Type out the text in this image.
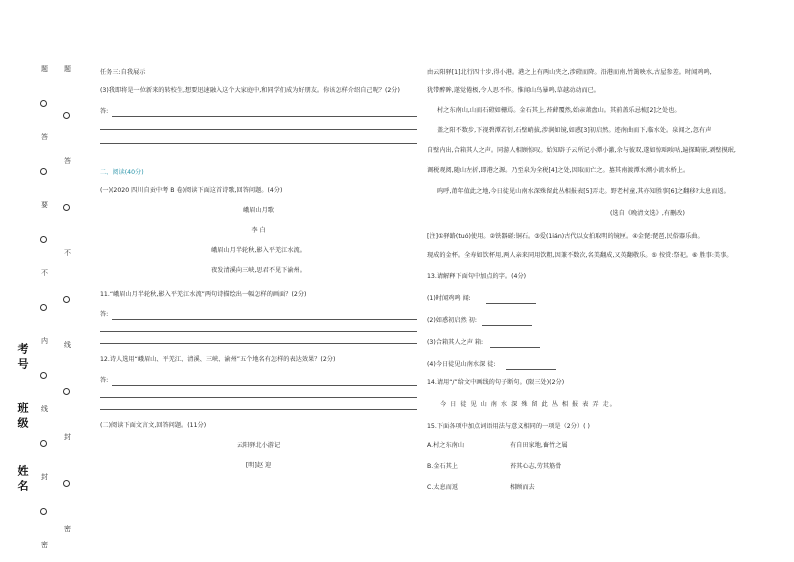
题
答
要
不
内
线
封
密
题
答
不
线
封
密
考号
班级
姓名
任务三:自我展示
(3)我即将是一位新来的转校生,想要迅速融入这个大家庭中,和同学们成为好朋友。你该怎样介绍自己呢？(2分)
答:
二、阅读(40分)
(一)(2020 四川自贡中考 B 卷)阅读下面这首诗歌,回答问题。(4分)
峨眉山月歌
李 白
峨眉山月半轮秋,影入平羌江水流。
夜发清溪向三峡,思君不见下渝州。
11.“峨眉山月半轮秋,影入平羌江水流”两句诗描绘出一幅怎样的画面？(2分)
答:
12.诗人选用“峨眉山、平羌江、清溪、三峡、渝州”五个地名有怎样的表达效果？(2分)
答:
(二)阅读下面文言文,回答问题。(11分)
云阳驿北小游记
[明]赵 迎
由云阳驿[1]北行四十步,得小港。港之上有两山夹之,涉磴而降。沿港而南,竹篱映水,古屋参差。时闻鸡鸣,
犹带醉眸,遂觉倦极,令人思不作。惟闻山鸟暴鸣,草越动动而已。
村之东南山,山而石磴如栅焉。金石其上,苔藓覆然,始亲萧盘山。其前盖乐忌梳[2]之处也。
盖之阳不数步,下视碧潭若衍,石壁峭拔,涉涧如镜,如惑[3]初启然。迹南曲而下,临水处。泉闻之,忽有声
自壁内出,合箱其人之声。同游人相顾惊叹。始知辟子云所记小潭小激,余与彼双,遂如惊咄唉咕,遍探畸嵌,剥壁摸珉,
调税观阅,随山左折,即港之源。乃至泉为全税[4]之处,因取而亡之。墓其南渡潭水溯小流水桥上。
呜呼,莆年值此之地,今日徒见山南水深殊留此丛相报表[5]弄走。野老村童,其亦知胜事[6]之翻移?太息而返。
(选自《晚清文选》,有删改)
[注]①驿路(tuó)使用。②铁器磋:铜石。③爱(1ián)古代以女拍取明的镜匣。④金琵:琵琶,民俗器乐曲。
现成的金杯。全寿如饮杯用,两人亲来同用饮粗,因兼不数次,名美翻成,又英翻敬乐。⑤ 按赏:祭祀。⑥ 胜事:美事。
13.请解释下面句中加点的字。(4分)
(1)时闻鸡鸣 闻:
(2)如惑初启然 初:
(3)合箱其人之声 箱:
(4)今日徒见山南水深 徒:
14.请用“/”给文中画线的句子断句。(限三处)(2分)
今 日 徒 见 山 南 水 深 殊 留 此 丛 相 报 表 弄 走。
15.下面各项中加点词语用法与意义相同的一项是（2分）( )
A.村之东南山	有自田家地,畜竹之属
B.金石其上	苔其心志,劳其筋骨
C.太息而返	相顾而去
